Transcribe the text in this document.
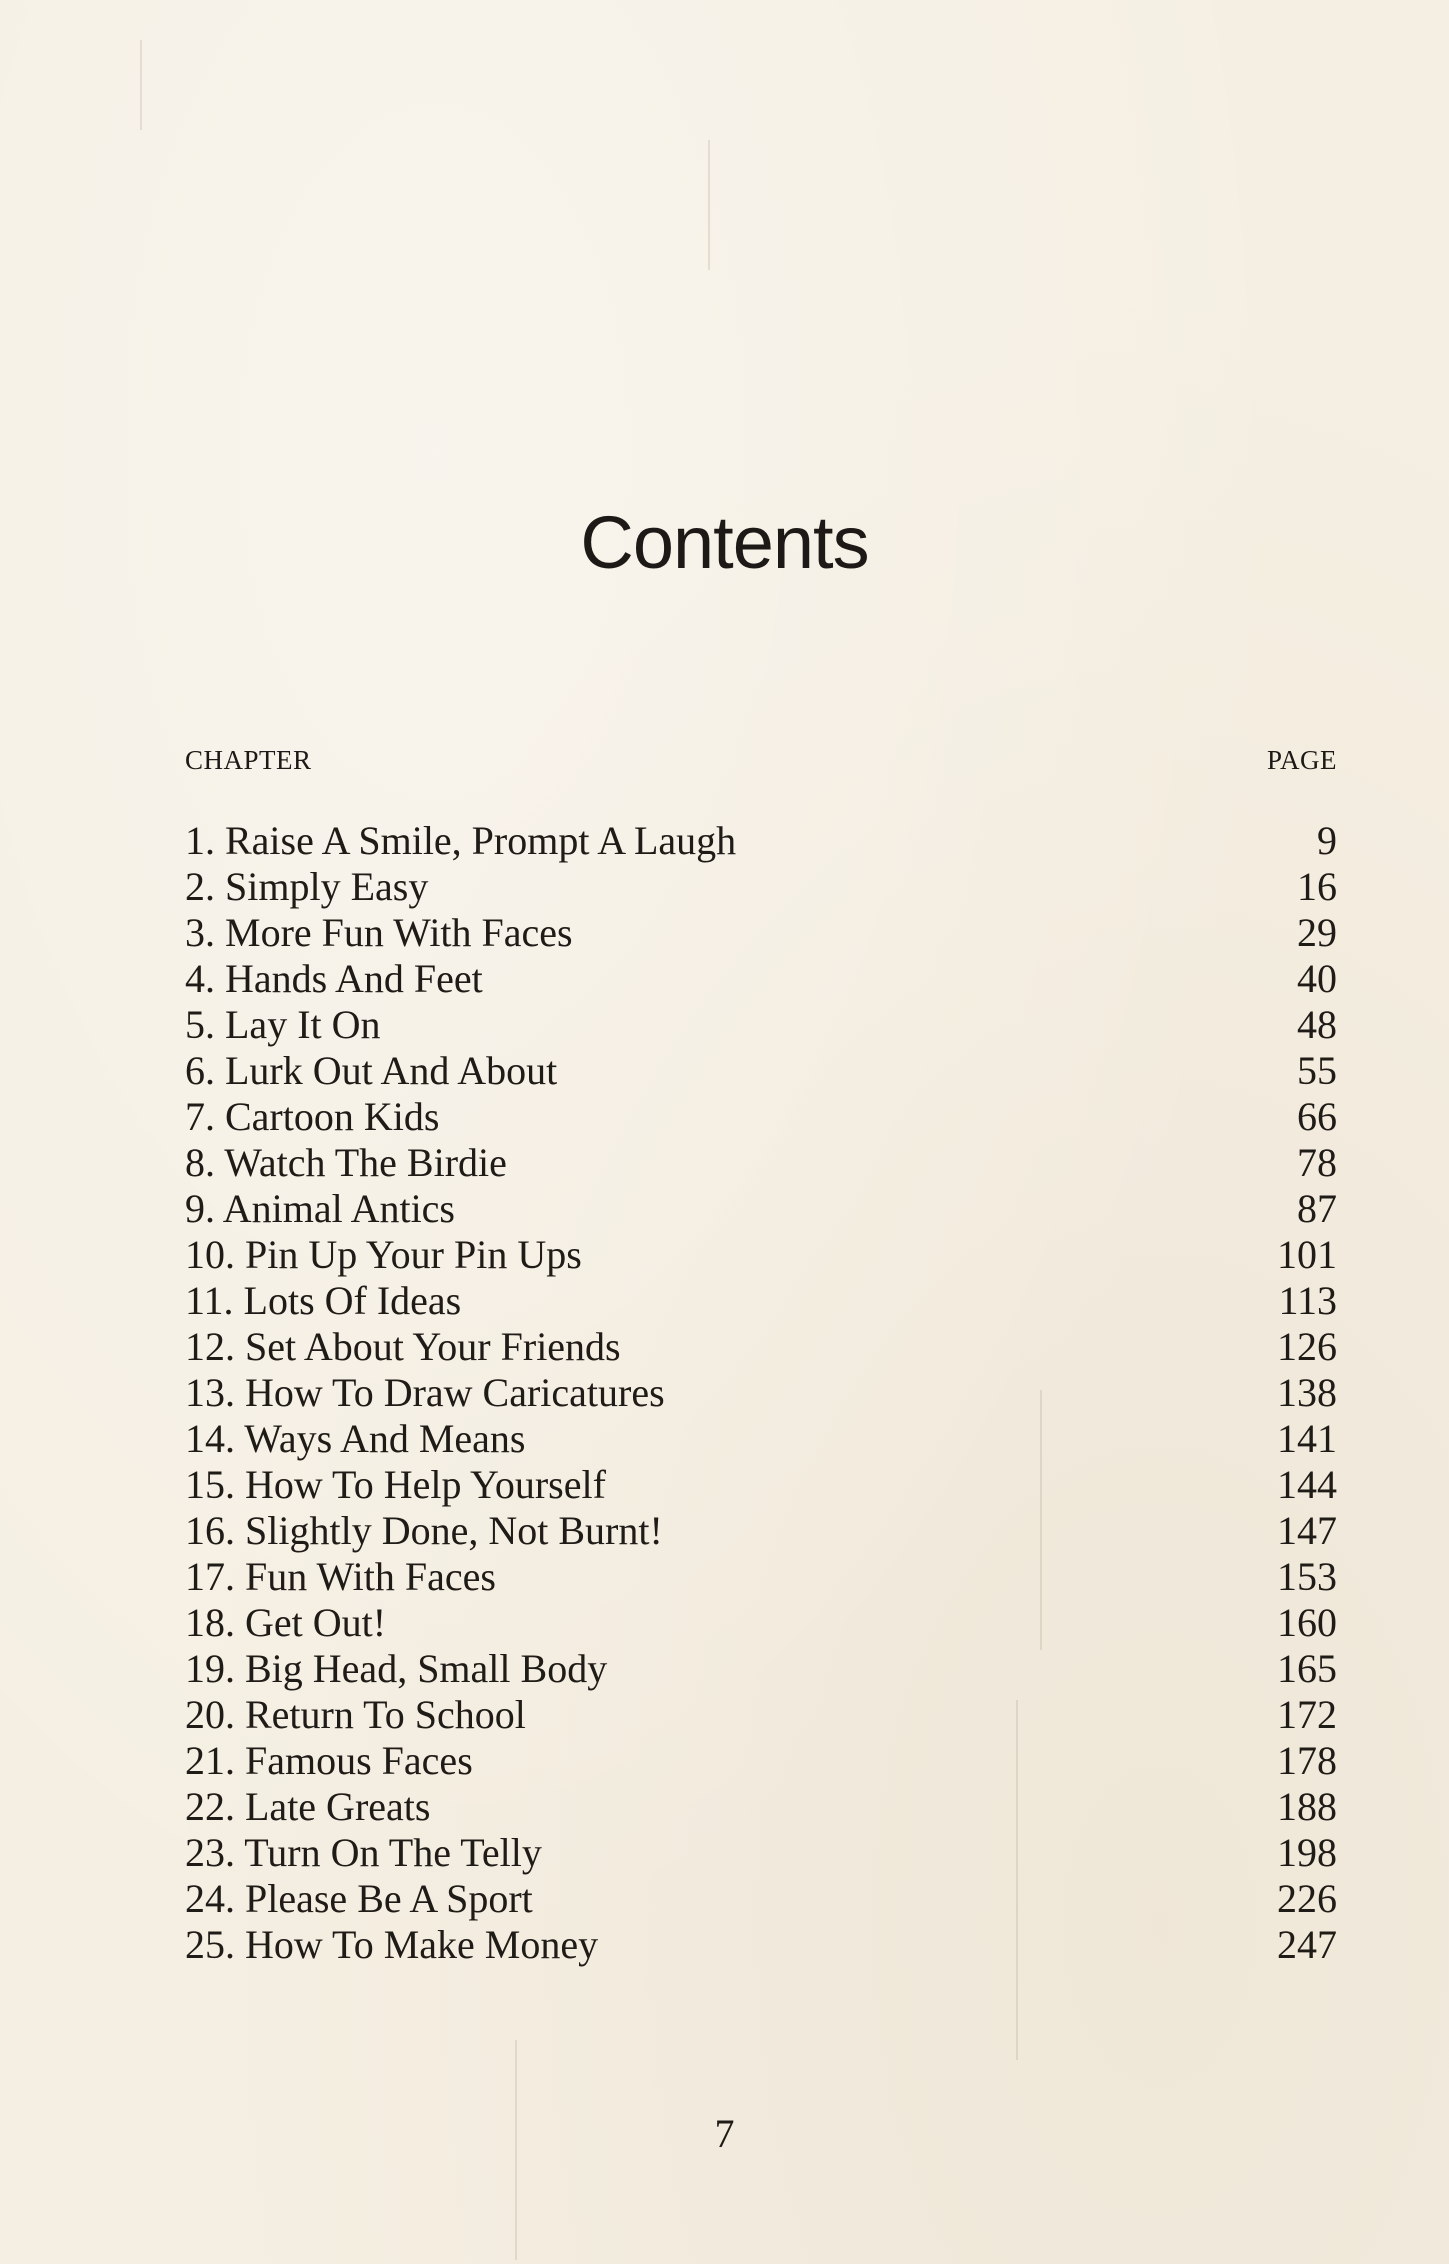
Contents
CHAPTER	PAGE
1. Raise A Smile, Prompt A Laugh	9
2. Simply Easy	16
3. More Fun With Faces	29
4. Hands And Feet	40
5. Lay It On	48
6. Lurk Out And About	55
7. Cartoon Kids	66
8. Watch The Birdie	78
9. Animal Antics	87
10. Pin Up Your Pin Ups	101
11. Lots Of Ideas	113
12. Set About Your Friends	126
13. How To Draw Caricatures	138
14. Ways And Means	141
15. How To Help Yourself	144
16. Slightly Done, Not Burnt!	147
17. Fun With Faces	153
18. Get Out!	160
19. Big Head, Small Body	165
20. Return To School	172
21. Famous Faces	178
22. Late Greats	188
23. Turn On The Telly	198
24. Please Be A Sport	226
25. How To Make Money	247
7
